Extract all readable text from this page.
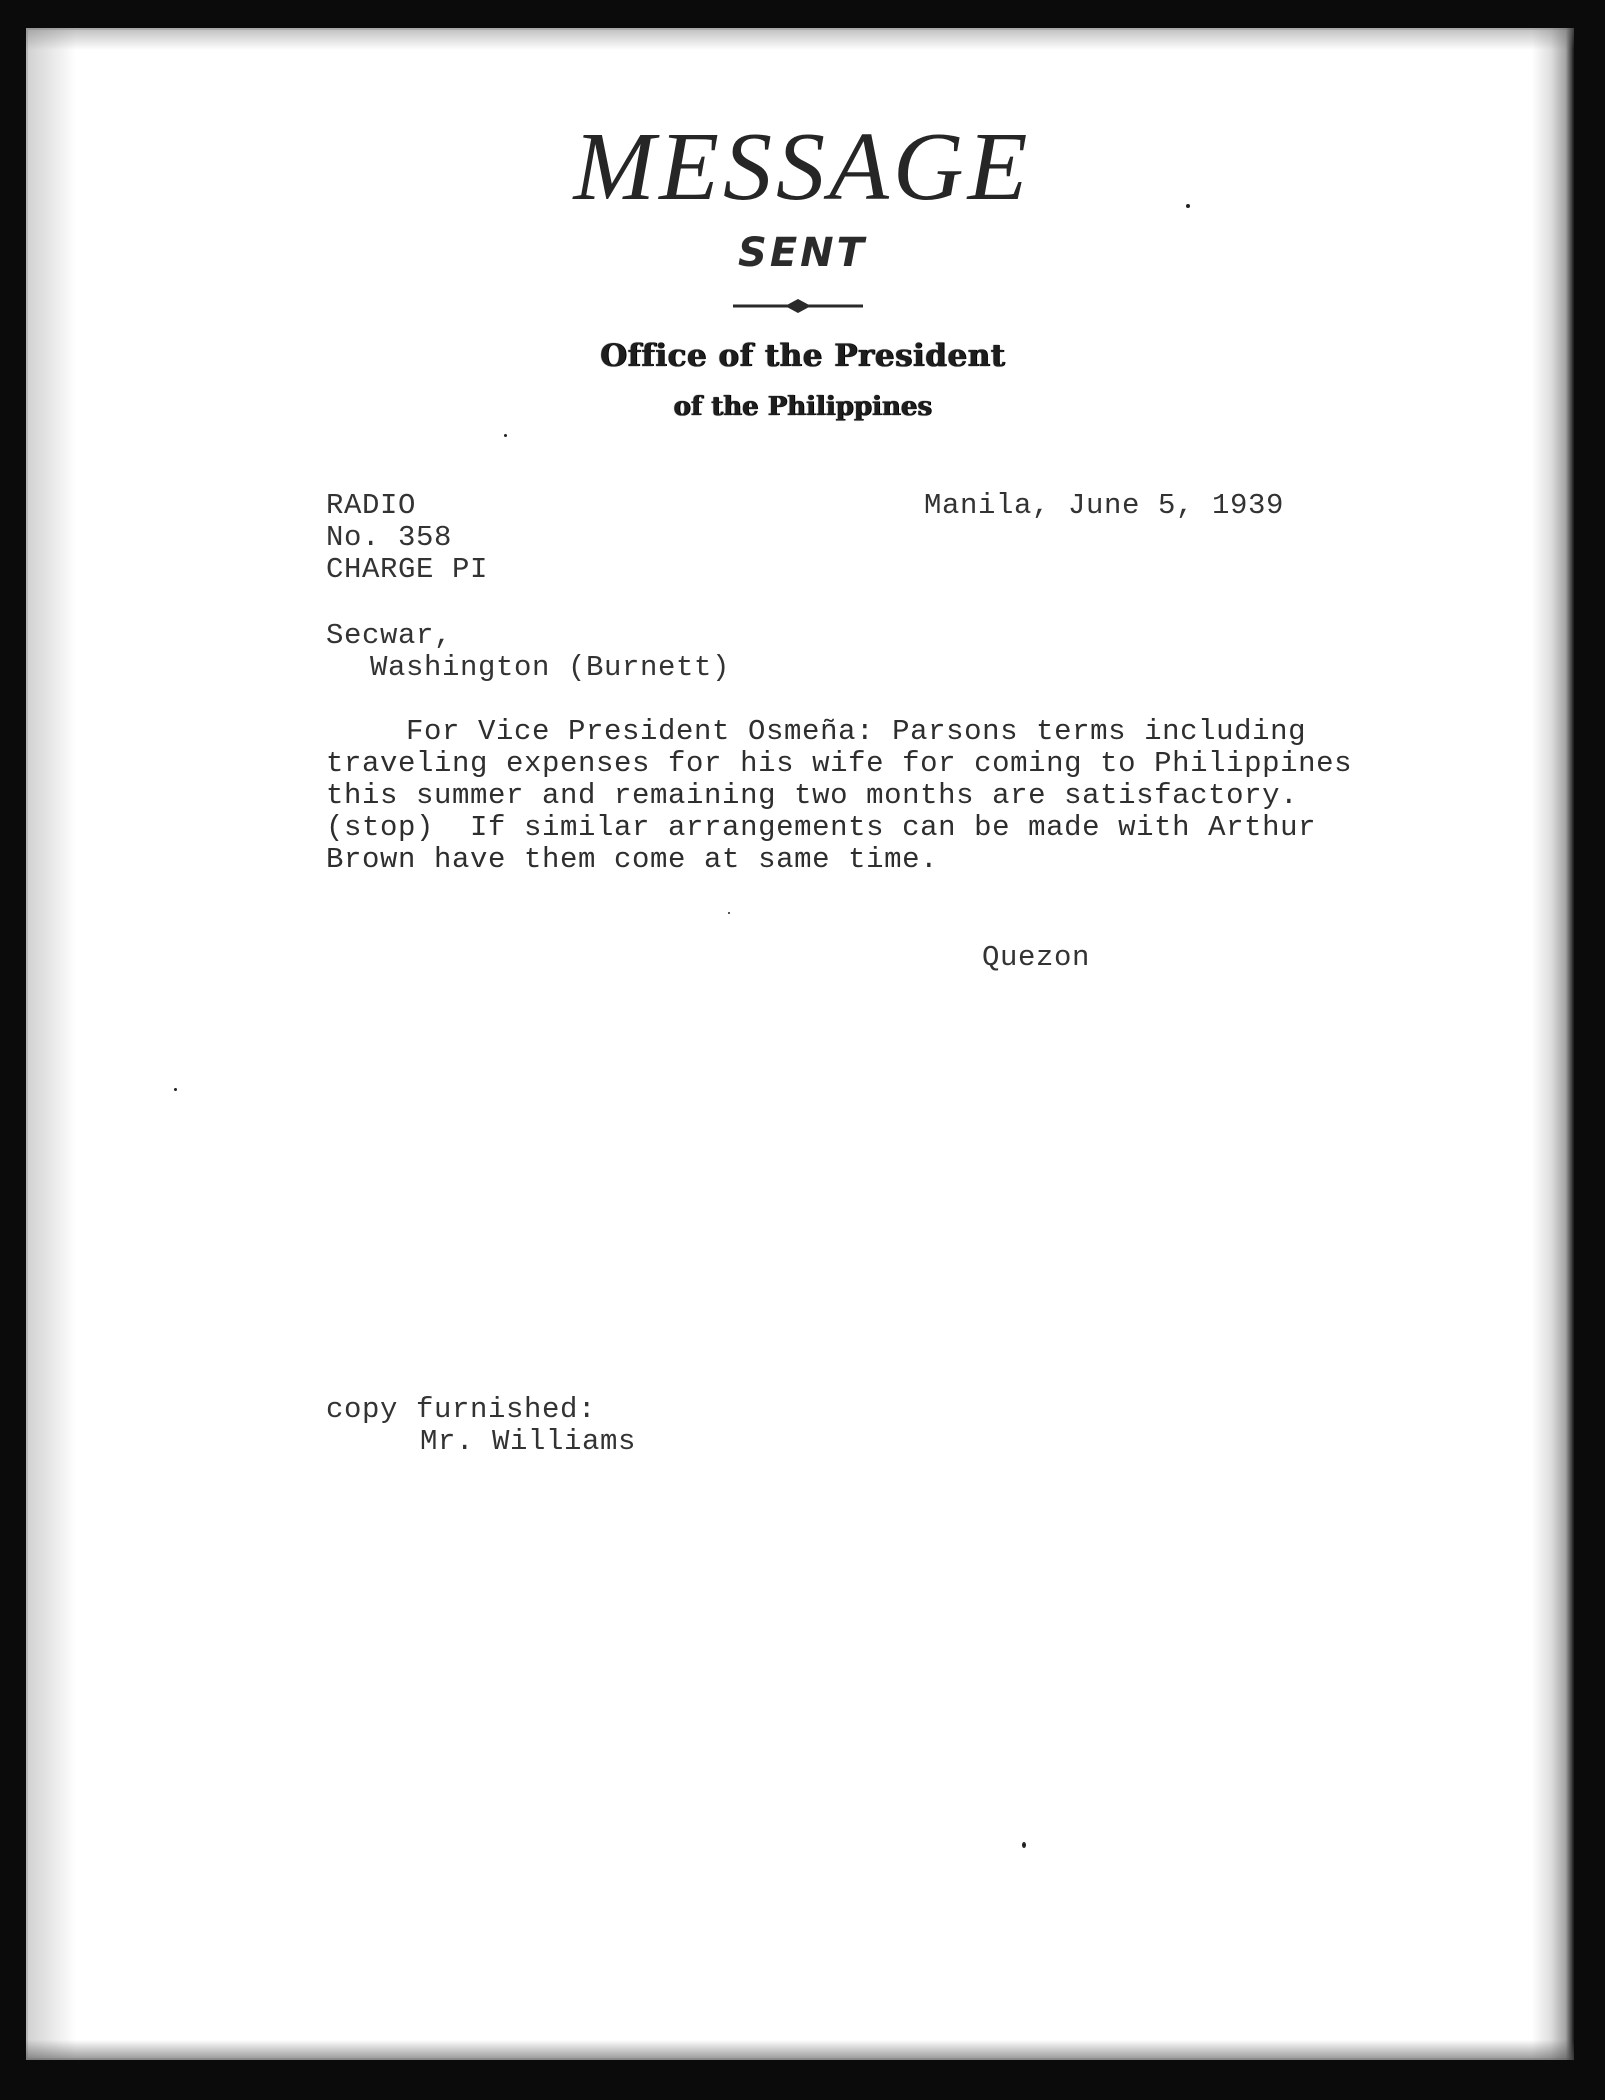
MESSAGE
SENT
Office of the President
of the Philippines
RADIO
No. 358
CHARGE PI
Manila, June 5, 1939
Secwar,
Washington (Burnett)
For Vice President Osmeña: Parsons terms including
traveling expenses for his wife for coming to Philippines
this summer and remaining two months are satisfactory.
(stop)  If similar arrangements can be made with Arthur
Brown have them come at same time.
Quezon
copy furnished:
Mr. Williams
